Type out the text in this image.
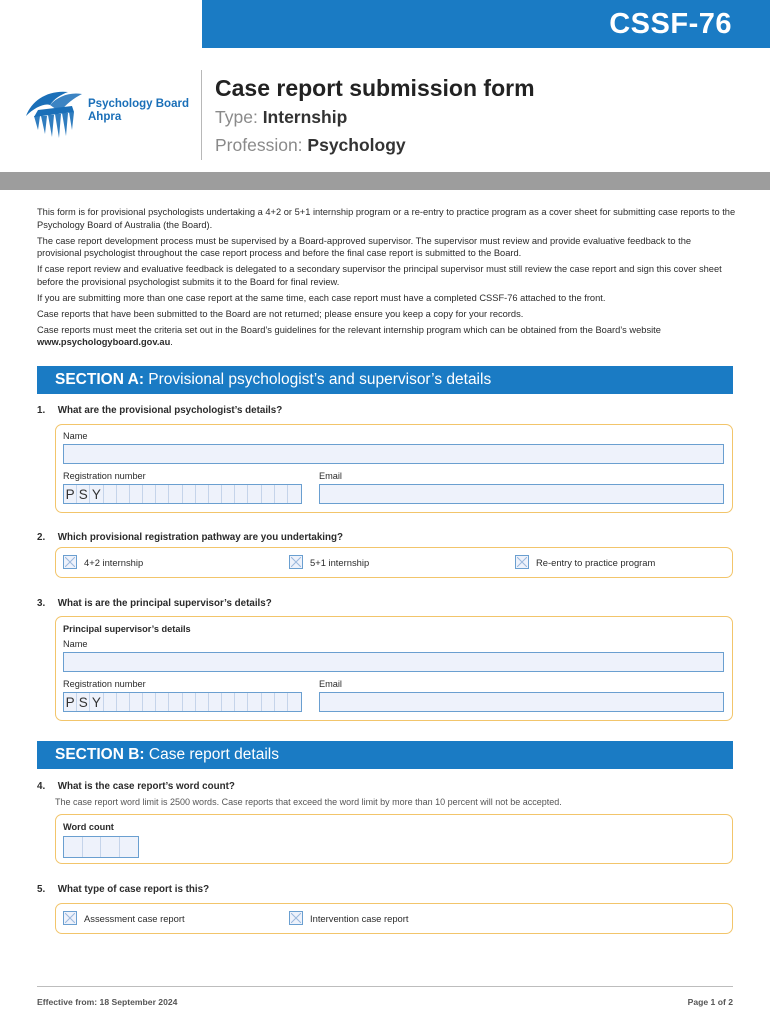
CSSF-76
Psychology Board
Ahpra
Case report submission form
Type: Internship
Profession: Psychology

This form is for provisional psychologists undertaking a 4+2 or 5+1 internship program or a re-entry to practice program as a cover sheet for submitting case reports to the Psychology Board of Australia (the Board).

The case report development process must be supervised by a Board-approved supervisor. The supervisor must review and provide evaluative feedback to the provisional psychologist throughout the case report process and before the final case report is submitted to the Board.

If case report review and evaluative feedback is delegated to a secondary supervisor the principal supervisor must still review the case report and sign this cover sheet before the provisional psychologist submits it to the Board for final review.

If you are submitting more than one case report at the same time, each case report must have a completed CSSF-76 attached to the front.

Case reports that have been submitted to the Board are not returned; please ensure you keep a copy for your records.

Case reports must meet the criteria set out in the Board’s guidelines for the relevant internship program which can be obtained from the Board’s website www.psychologyboard.gov.au.

SECTION A: Provisional psychologist’s and supervisor’s details
1. What are the provisional psychologist’s details?
Name
Registration number
P S Y
Email
2. Which provisional registration pathway are you undertaking?
4+2 internship	5+1 internship	Re-entry to practice program
3. What is are the principal supervisor’s details?
Principal supervisor’s details
Name
Registration number
P S Y
Email
SECTION B: Case report details
4. What is the case report’s word count?
The case report word limit is 2500 words. Case reports that exceed the word limit by more than 10 percent will not be accepted.
Word count
5. What type of case report is this?
Assessment case report	Intervention case report
Effective from: 18 September 2024	Page 1 of 2
